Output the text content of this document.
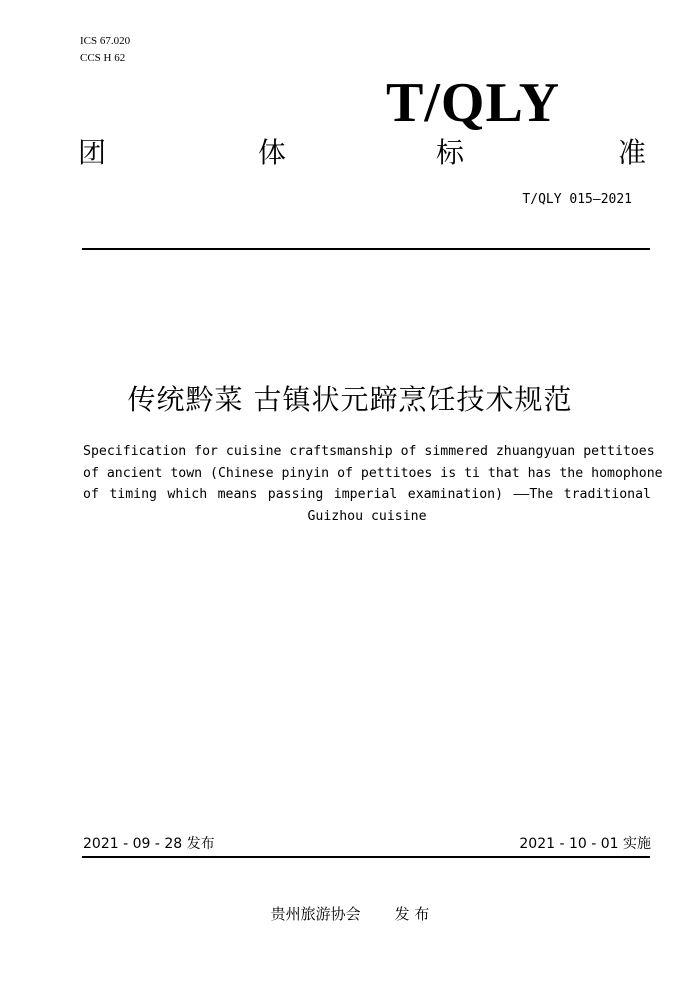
ICS 67.020
CCS H 62
T/QLY
团	体	标	准
T/QLY 015—2021
传统黔菜 古镇状元蹄烹饪技术规范
Specification for cuisine craftsmanship of simmered zhuangyuan pettitoes
of ancient town (Chinese pinyin of pettitoes is ti that has the homophone
of timing which means passing imperial examination) ——The traditional
Guizhou cuisine
2021 - 09 - 28 发布	2021 - 10 - 01 实施
贵州旅游协会 发 布
